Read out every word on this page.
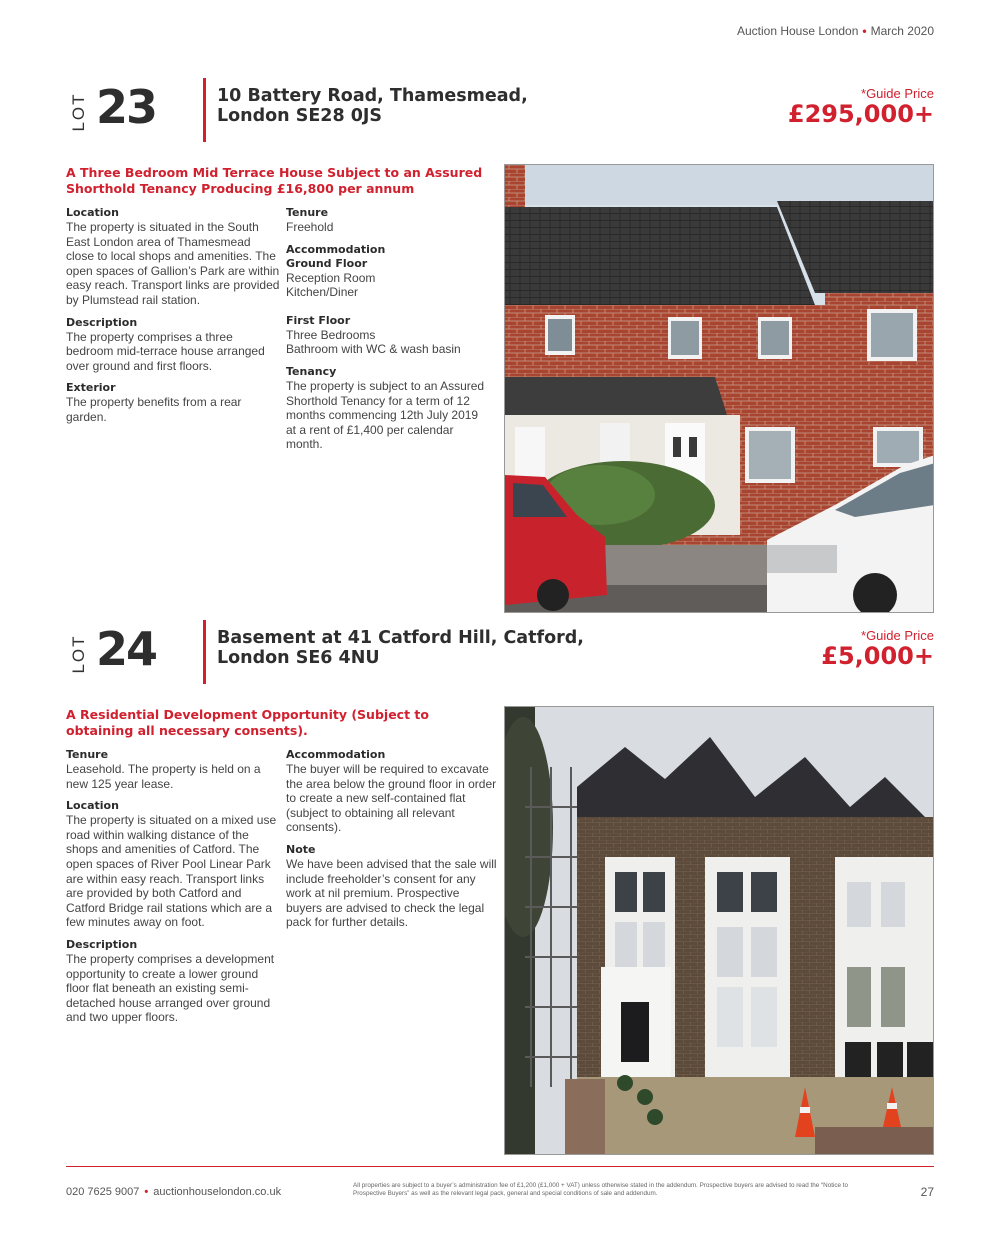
Auction House London • March 2020
LOT 23	10 Battery Road, Thamesmead,
London SE28 0JS
*Guide Price
£295,000+
A Three Bedroom Mid Terrace House Subject to an Assured Shorthold Tenancy Producing £16,800 per annum
Location

The property is situated in the South East London area of Thamesmead close to local shops and amenities. The open spaces of Gallion’s Park are within easy reach. Transport links are provided by Plumstead rail station.

Description

The property comprises a three bedroom mid-terrace house arranged over ground and first floors.

Exterior

The property benefits from a rear garden.

Tenure

Freehold

Accommodation
Ground Floor
Reception Room

Kitchen/Diner

First Floor
Three Bedrooms

Bathroom with WC & wash basin

Tenancy

The property is subject to an Assured Shorthold Tenancy for a term of 12 months commencing 12th July 2019 at a rent of £1,400 per calendar month.

LOT 24	Basement at 41 Catford Hill, Catford,
London SE6 4NU
*Guide Price
£5,000+
A Residential Development Opportunity (Subject to obtaining all necessary consents).
Tenure

Leasehold. The property is held on a new 125 year lease.

Location

The property is situated on a mixed use road within walking distance of the shops and amenities of Catford. The open spaces of River Pool Linear Park are within easy reach. Transport links are provided by both Catford and Catford Bridge rail stations which are a few minutes away on foot.

Description

The property comprises a development opportunity to create a lower ground floor flat beneath an existing semi-detached house arranged over ground and two upper floors.

Accommodation

The buyer will be required to excavate the area below the ground floor in order to create a new self-contained flat (subject to obtaining all relevant consents).

Note

We have been advised that the sale will include freeholder’s consent for any work at nil premium. Prospective buyers are advised to check the legal pack for further details.

020 7625 9007 • auctionhouselondon.co.uk
All properties are subject to a buyer’s administration fee of £1,200 (£1,000 + VAT) unless otherwise stated in the addendum. Prospective buyers are advised to read the “Notice to Prospective Buyers” as well as the relevant legal pack, general and special conditions of sale and addendum.	27
